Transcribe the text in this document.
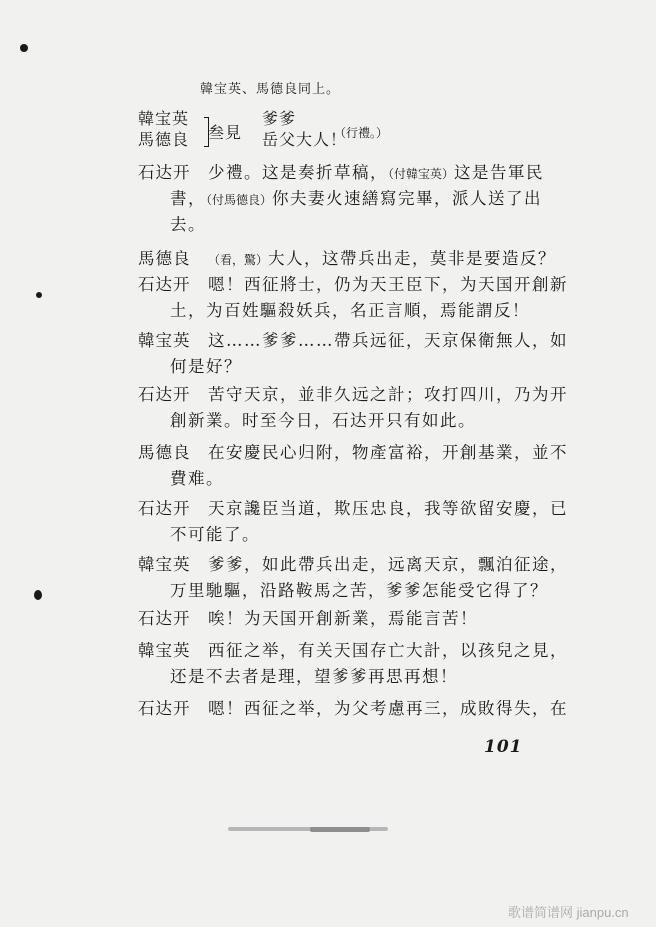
韓宝英、馬德良同上。
韓宝英
馬德良 叁見
爹爹
岳父大人！
（行禮。）
石达开 少禮。这是奏折草稿，（付韓宝英）这是告軍民
書，（付馬德良）你夫妻火速繕寫完畢，派人送了出
去。
馬德良 （看，驚）大人，这帶兵出走，莫非是要造反？
石达开 嗯！西征將士，仍为天王臣下，为天国开創新
土，为百姓驅殺妖兵，名正言順，焉能謂反！
韓宝英 这……爹爹……帶兵远征，天京保衛無人，如
何是好？
石达开 苦守天京，並非久远之計；攻打四川，乃为开
創新業。时至今日，石达开只有如此。
馬德良 在安慶民心归附，物產富裕，开創基業，並不
費难。
石达开 天京讒臣当道，欺压忠良，我等欲留安慶，已
不可能了。
韓宝英 爹爹，如此帶兵出走，远离天京，飄泊征途，
万里馳驅，沿路鞍馬之苦，爹爹怎能受它得了？
石达开 唉！为天国开創新業，焉能言苦！
韓宝英 西征之举，有关天国存亡大計，以孩兒之見，
还是不去者是理，望爹爹再思再想！
石达开 嗯！西征之举，为父考慮再三，成敗得失，在
101
歌谱简谱网 jianpu.cn
